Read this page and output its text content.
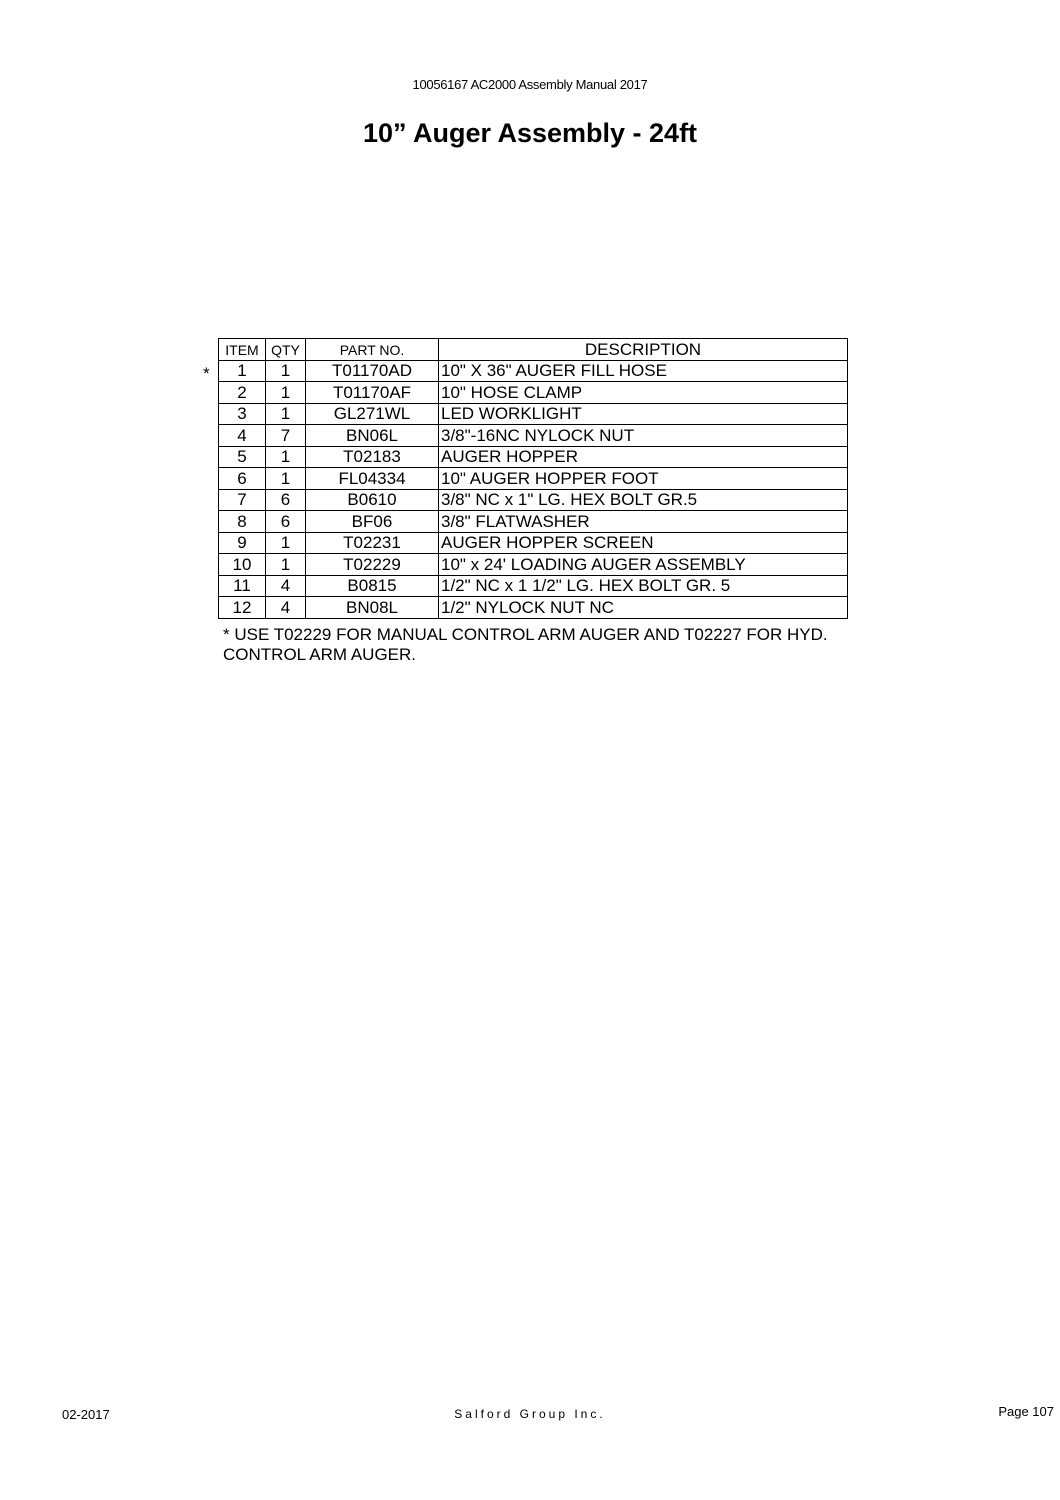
10056167 AC2000 Assembly Manual 2017
10” Auger Assembly - 24ft
*
ITEM	QTY	PART NO.	DESCRIPTION
1	1	T01170AD	10" X 36" AUGER FILL HOSE
2	1	T01170AF	10" HOSE CLAMP
3	1	GL271WL	LED WORKLIGHT
4	7	BN06L	3/8"-16NC NYLOCK NUT
5	1	T02183	AUGER HOPPER
6	1	FL04334	10" AUGER HOPPER FOOT
7	6	B0610	3/8" NC x 1" LG. HEX BOLT GR.5
8	6	BF06	3/8" FLATWASHER
9	1	T02231	AUGER HOPPER SCREEN
10	1	T02229	10" x 24' LOADING AUGER ASSEMBLY
11	4	B0815	1/2" NC x 1 1/2" LG. HEX BOLT GR. 5
12	4	BN08L	1/2" NYLOCK NUT NC
* USE T02229 FOR MANUAL CONTROL ARM AUGER AND T02227 FOR HYD. CONTROL ARM AUGER.
02-2017	Salford Group Inc.	Page 107
